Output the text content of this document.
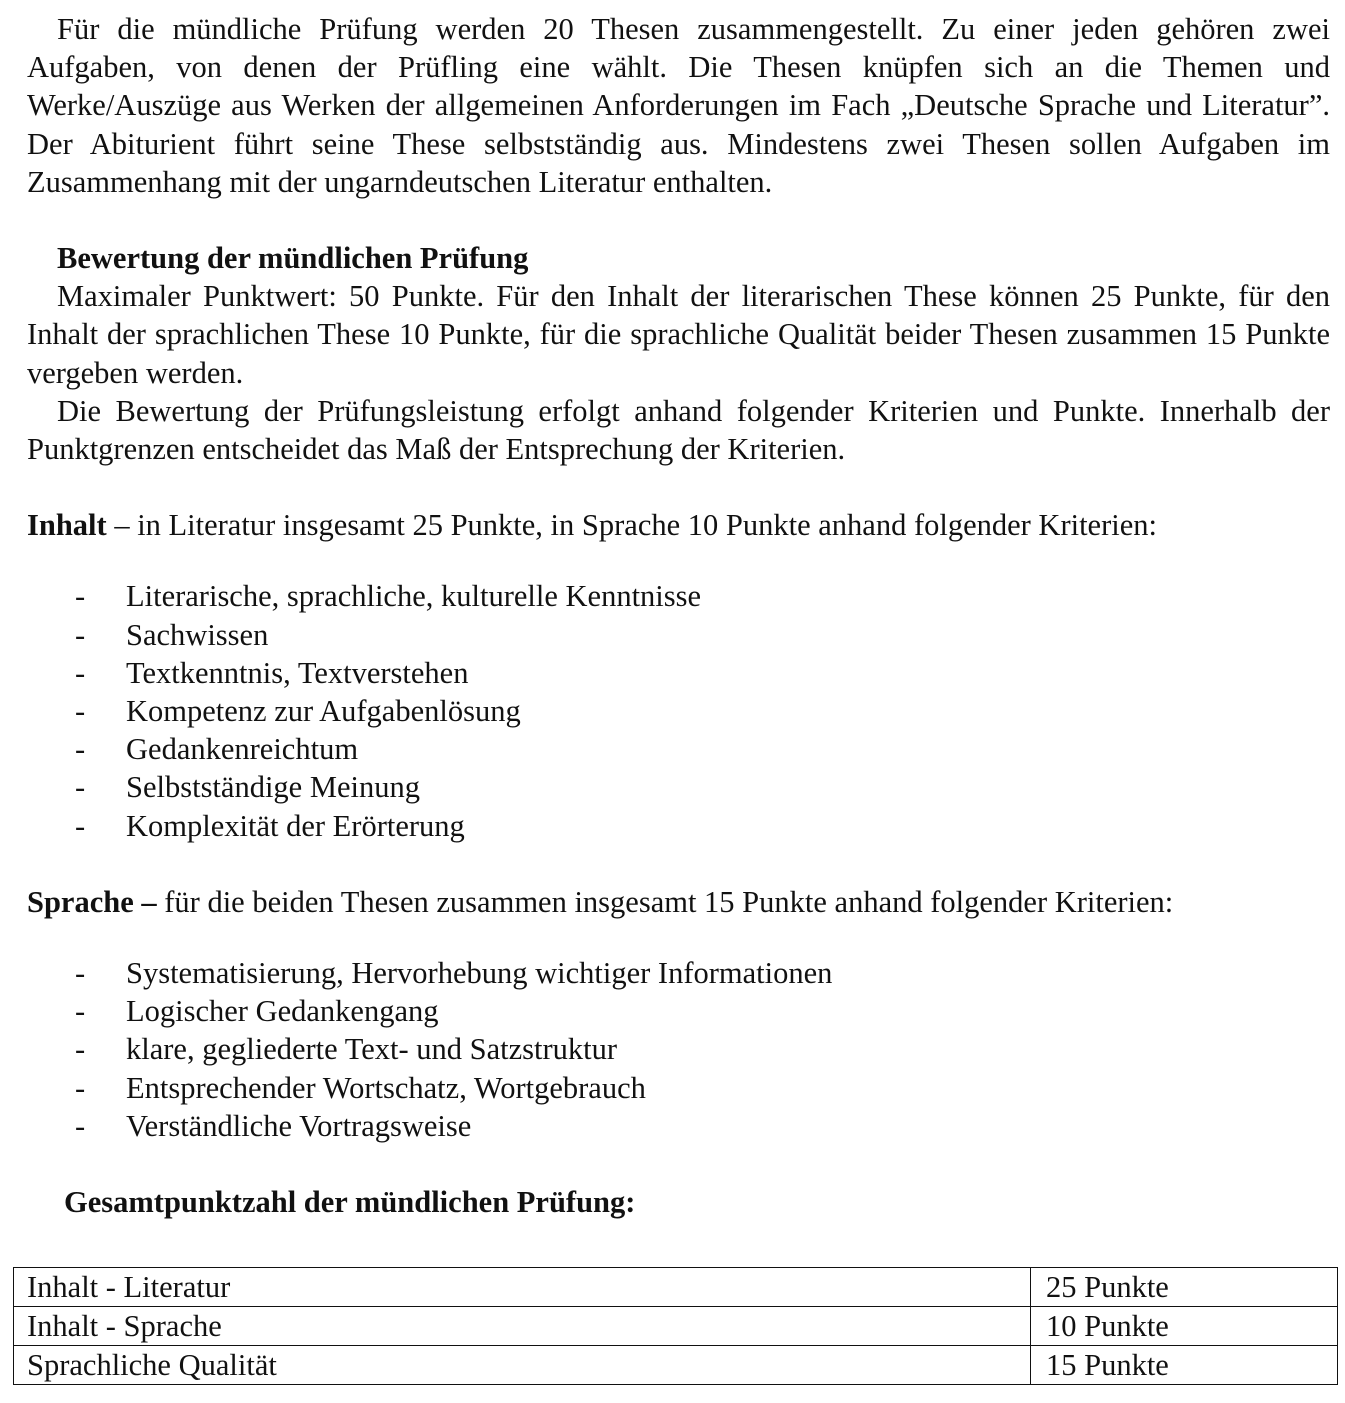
Für die mündliche Prüfung werden 20 Thesen zusammengestellt. Zu einer jeden gehören zwei Aufgaben, von denen der Prüfling eine wählt. Die Thesen knüpfen sich an die Themen und Werke/Auszüge aus Werken der allgemeinen Anforderungen im Fach „Deutsche Sprache und Literatur”. Der Abiturient führt seine These selbstständig aus. Mindestens zwei Thesen sollen Aufgaben im Zusammenhang mit der ungarndeutschen Literatur enthalten.

Bewertung der mündlichen Prüfung

Maximaler Punktwert: 50 Punkte. Für den Inhalt der literarischen These können 25 Punkte, für den Inhalt der sprachlichen These 10 Punkte, für die sprachliche Qualität beider Thesen zusammen 15 Punkte vergeben werden.

Die Bewertung der Prüfungsleistung erfolgt anhand folgender Kriterien und Punkte. Innerhalb der Punktgrenzen entscheidet das Maß der Entsprechung der Kriterien.

Inhalt – in Literatur insgesamt 25 Punkte, in Sprache 10 Punkte anhand folgender Kriterien:

- Literarische, sprachliche, kulturelle Kenntnisse
- Sachwissen
- Textkenntnis, Textverstehen
- Kompetenz zur Aufgabenlösung
- Gedankenreichtum
- Selbstständige Meinung
- Komplexität der Erörterung

Sprache – für die beiden Thesen zusammen insgesamt 15 Punkte anhand folgender Kriterien:

- Systematisierung, Hervorhebung wichtiger Informationen
- Logischer Gedankengang
- klare, gegliederte Text- und Satzstruktur
- Entsprechender Wortschatz, Wortgebrauch
- Verständliche Vortragsweise

Gesamtpunktzahl der mündlichen Prüfung:

Inhalt - Literatur	25 Punkte
Inhalt - Sprache	10 Punkte
Sprachliche Qualität	15 Punkte
